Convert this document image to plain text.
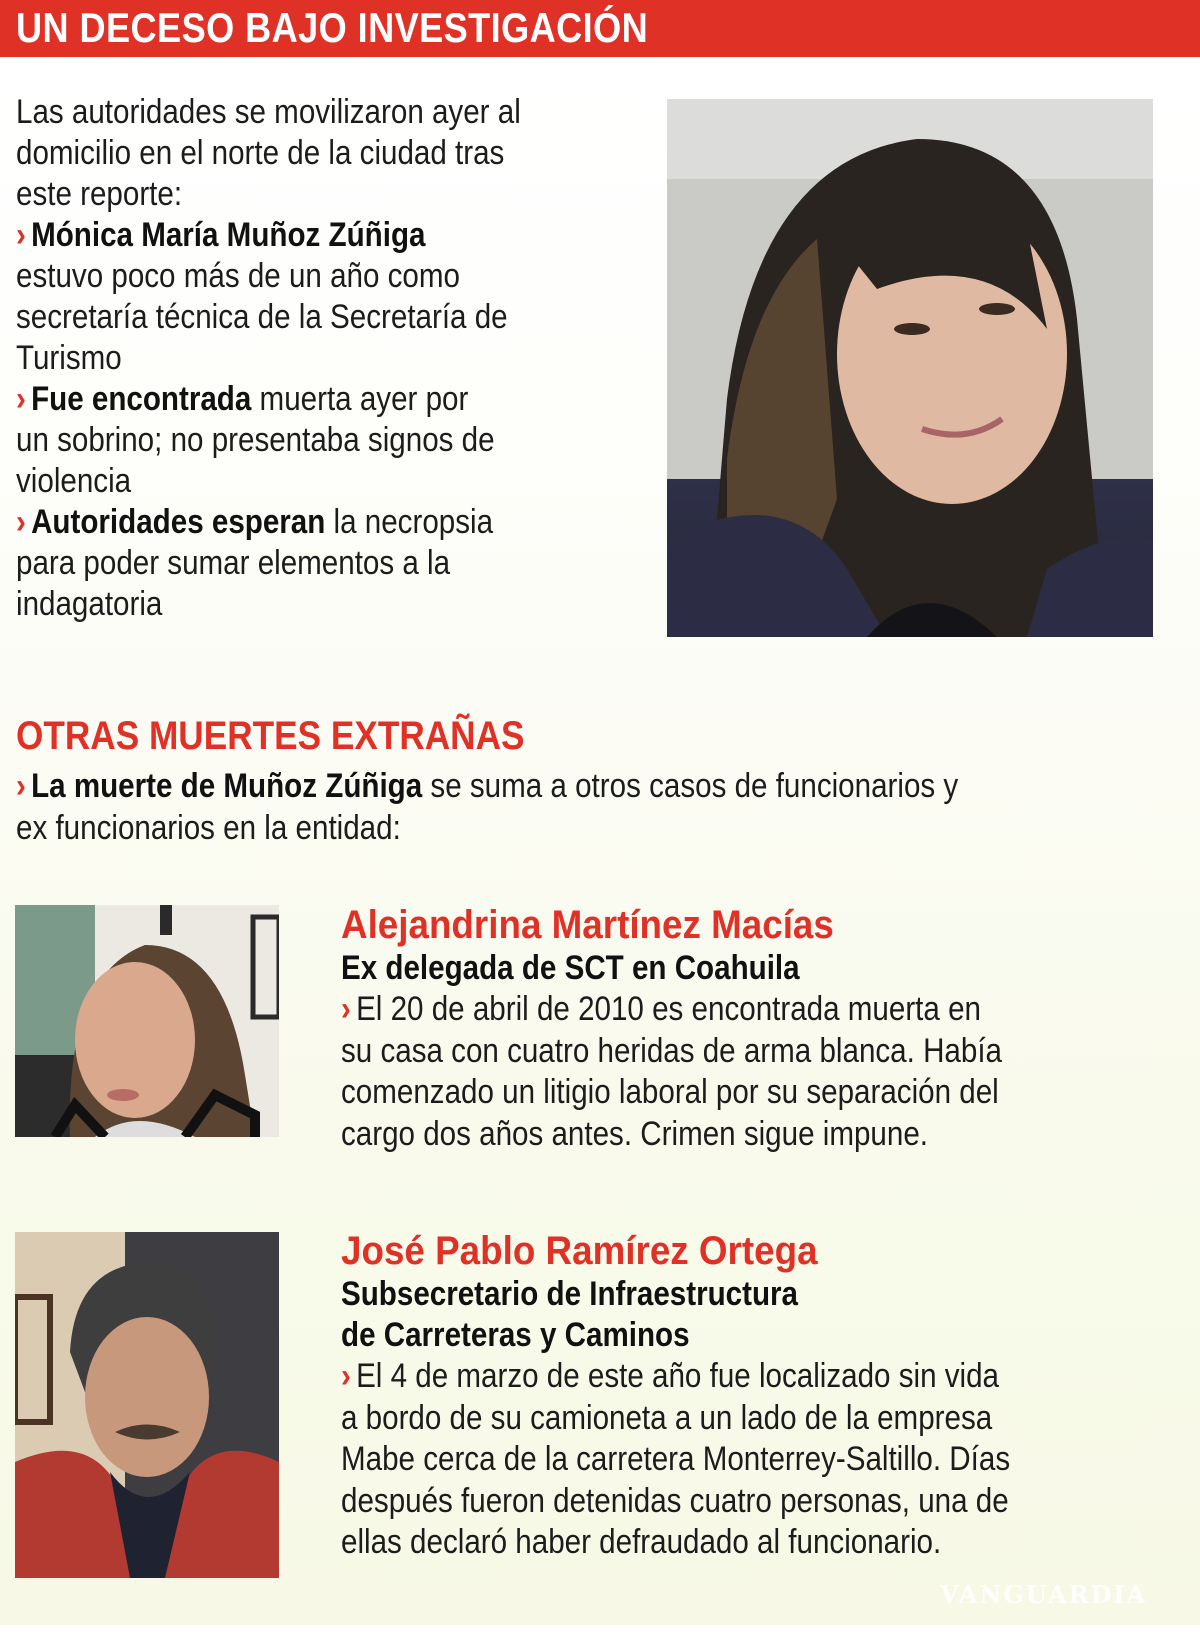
UN DECESO BAJO INVESTIGACIÓN
Las autoridades se movilizaron ayer al
domicilio en el norte de la ciudad tras
este reporte:
› Mónica María Muñoz Zúñiga
estuvo poco más de un año como
secretaría técnica de la Secretaría de
Turismo
› Fue encontrada muerta ayer por
un sobrino; no presentaba signos de
violencia
› Autoridades esperan la necropsia
para poder sumar elementos a la
indagatoria
OTRAS MUERTES EXTRAÑAS
› La muerte de Muñoz Zúñiga se suma a otros casos de funcionarios y
ex funcionarios en la entidad:
Alejandrina Martínez Macías
Ex delegada de SCT en Coahuila
› El 20 de abril de 2010 es encontrada muerta en
su casa con cuatro heridas de arma blanca. Había
comenzado un litigio laboral por su separación del
cargo dos años antes. Crimen sigue impune.
José Pablo Ramírez Ortega
Subsecretario de Infraestructura
de Carreteras y Caminos
› El 4 de marzo de este año fue localizado sin vida
a bordo de su camioneta a un lado de la empresa
Mabe cerca de la carretera Monterrey-Saltillo. Días
después fueron detenidas cuatro personas, una de
ellas declaró haber defraudado al funcionario.
VANGUARDIA
